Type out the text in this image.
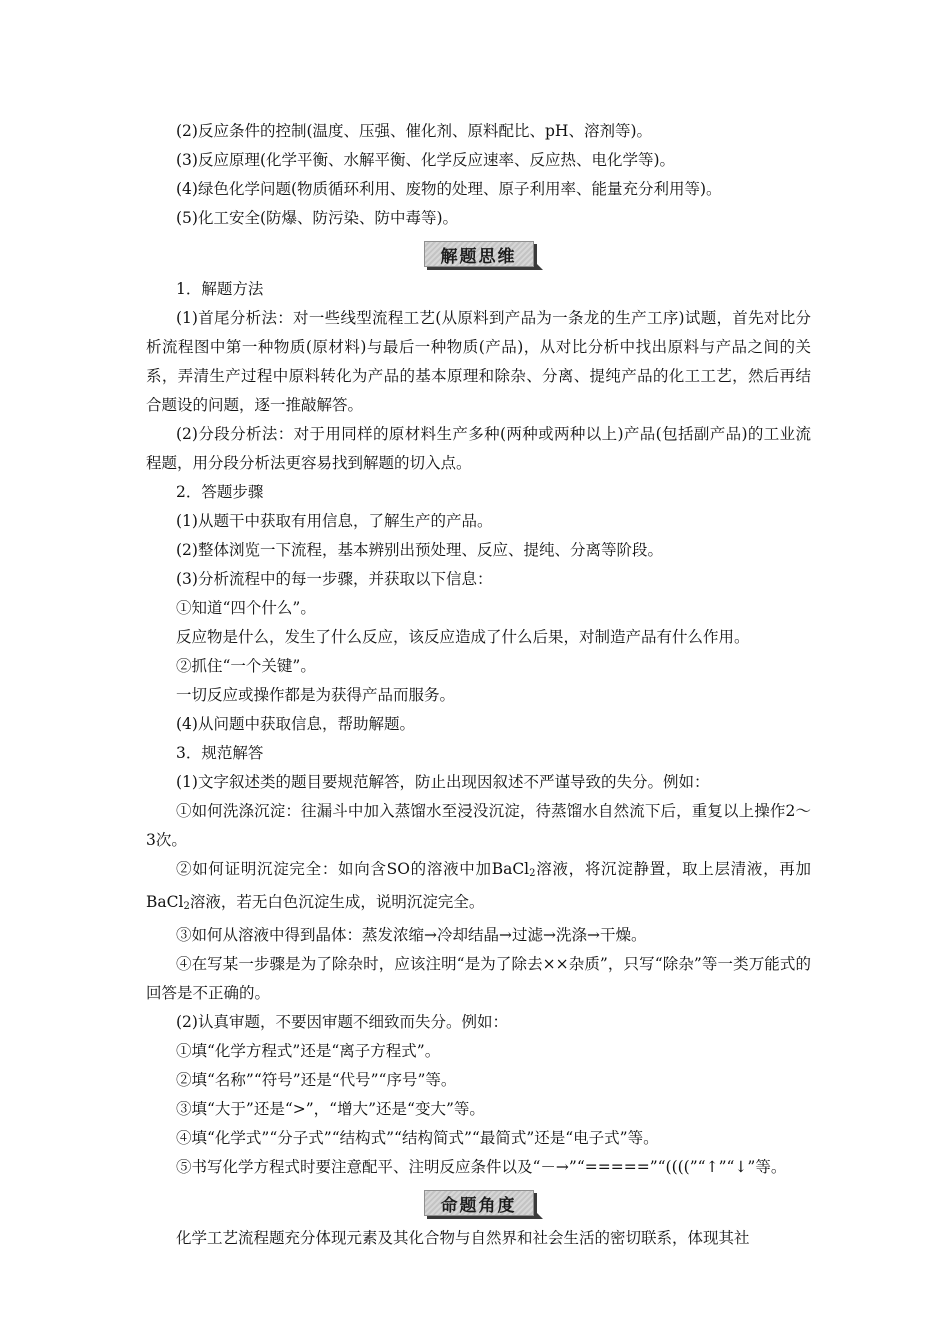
(2)反应条件的控制(温度、压强、催化剂、原料配比、pH、溶剂等)。
(3)反应原理(化学平衡、水解平衡、化学反应速率、反应热、电化学等)。
(4)绿色化学问题(物质循环利用、废物的处理、原子利用率、能量充分利用等)。
(5)化工安全(防爆、防污染、防中毒等)。
解题思维
1．解题方法
(1)首尾分析法：对一些线型流程工艺(从原料到产品为一条龙的生产工序)试题，首先对比分析流程图中第一种物质(原材料)与最后一种物质(产品)，从对比分析中找出原料与产品之间的关系，弄清生产过程中原料转化为产品的基本原理和除杂、分离、提纯产品的化工工艺，然后再结合题设的问题，逐一推敲解答。
(2)分段分析法：对于用同样的原材料生产多种(两种或两种以上)产品(包括副产品)的工业流程题，用分段分析法更容易找到解题的切入点。
2．答题步骤
(1)从题干中获取有用信息，了解生产的产品。
(2)整体浏览一下流程，基本辨别出预处理、反应、提纯、分离等阶段。
(3)分析流程中的每一步骤，并获取以下信息：
①知道“四个什么”。
反应物是什么，发生了什么反应，该反应造成了什么后果，对制造产品有什么作用。
②抓住“一个关键”。
一切反应或操作都是为获得产品而服务。
(4)从问题中获取信息，帮助解题。
3．规范解答
(1)文字叙述类的题目要规范解答，防止出现因叙述不严谨导致的失分。例如：
①如何洗涤沉淀：往漏斗中加入蒸馏水至浸没沉淀，待蒸馏水自然流下后，重复以上操作2～3次。
②如何证明沉淀完全：如向含SO的溶液中加BaCl$_2$溶液，将沉淀静置，取上层清液，再加BaCl$_2$溶液，若无白色沉淀生成，说明沉淀完全。
③如何从溶液中得到晶体：蒸发浓缩→冷却结晶→过滤→洗涤→干燥。
④在写某一步骤是为了除杂时，应该注明“是为了除去××杂质”，只写“除杂”等一类万能式的回答是不正确的。
(2)认真审题，不要因审题不细致而失分。例如：
①填“化学方程式”还是“离子方程式”。
②填“名称”“符号”还是“代号”“序号”等。
③填“大于”还是“>”，“增大”还是“变大”等。
④填“化学式”“分子式”“结构式”“结构简式”“最简式”还是“电子式”等。
⑤书写化学方程式时要注意配平、注明反应条件以及“－→”“=====”“((((”“↑”“↓”等。
命题角度
化学工艺流程题充分体现元素及其化合物与自然界和社会生活的密切联系，体现其社
